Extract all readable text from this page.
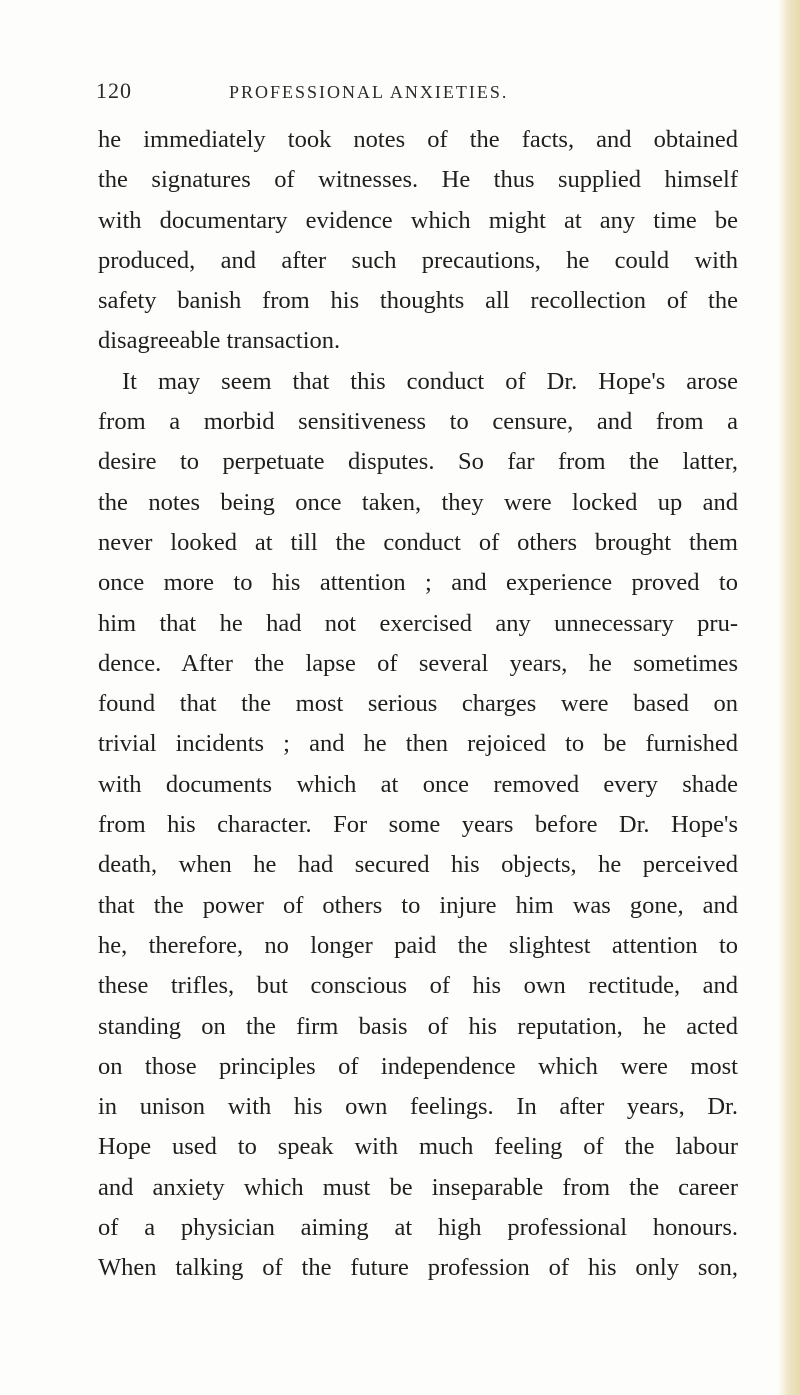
120	PROFESSIONAL ANXIETIES.
he immediately took notes of the facts, and obtained
the signatures of witnesses. He thus supplied himself
with documentary evidence which might at any time be
produced, and after such precautions, he could with
safety banish from his thoughts all recollection of the
disagreeable transaction.
It may seem that this conduct of Dr. Hope's arose
from a morbid sensitiveness to censure, and from a
desire to perpetuate disputes. So far from the latter,
the notes being once taken, they were locked up and
never looked at till the conduct of others brought them
once more to his attention ; and experience proved to
him that he had not exercised any unnecessary pru-
dence. After the lapse of several years, he sometimes
found that the most serious charges were based on
trivial incidents ; and he then rejoiced to be furnished
with documents which at once removed every shade
from his character. For some years before Dr. Hope's
death, when he had secured his objects, he perceived
that the power of others to injure him was gone, and
he, therefore, no longer paid the slightest attention to
these trifles, but conscious of his own rectitude, and
standing on the firm basis of his reputation, he acted
on those principles of independence which were most
in unison with his own feelings. In after years, Dr.
Hope used to speak with much feeling of the labour
and anxiety which must be inseparable from the career
of a physician aiming at high professional honours.
When talking of the future profession of his only son,
